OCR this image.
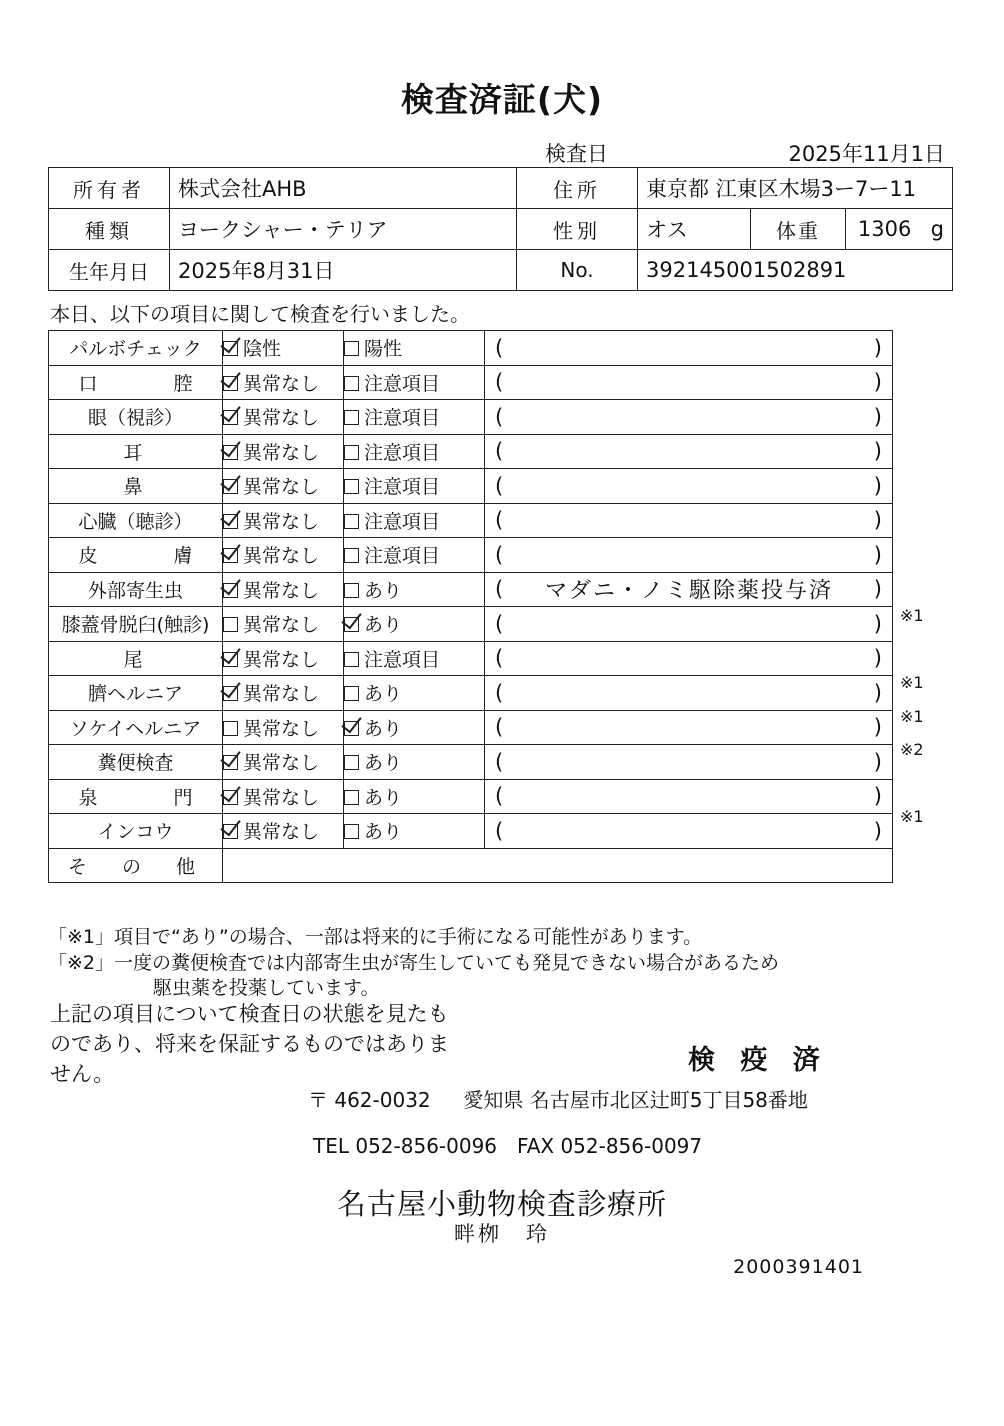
検査済証(犬)
検査日	2025年11月1日
所有者	株式会社AHB	住所	東京都 江東区木場3ー7ー11		
種類	ヨークシャー・テリア	性別	オス	体重	1306 g
生年月日	2025年8月31日	No.	392145001502891		
本日、以下の項目に関して検査を行いました。
パルボチェック	陰性	陽性	( )

口　　　　腔	異常なし	注意項目	( )

眼（視診）	異常なし	注意項目	( )

耳	異常なし	注意項目	( )

鼻	異常なし	注意項目	( )

心臓（聴診）	異常なし	注意項目	( )

皮　　　　膚	異常なし	注意項目	( )

外部寄生虫	異常なし	あり	( マダニ・ノミ駆除薬投与済 )

膝蓋骨脱臼(触診)	異常なし	あり	( )

尾	異常なし	注意項目	( )

臍ヘルニア	異常なし	あり	( )

ソケイヘルニア	異常なし	あり	( )

糞便検査	異常なし	あり	( )

泉　　　　門	異常なし	あり	( )

インコウ	異常なし	あり	( )

そ　の　他			
「※1」項目で“あり”の場合、一部は将来的に手術になる可能性があります。
「※2」一度の糞便検査では内部寄生虫が寄生していても発見できない場合があるため
駆虫薬を投薬しています。
上記の項目について検査日の状態を見たものであり、将来を保証するものではありません。	検 疫 済
〒 462-0032 　 愛知県 名古屋市北区辻町5丁目58番地
TEL 052-856-0096　FAX 052-856-0097
名古屋小動物検査診療所
畔栁　玲
2000391401
※1
※1
※1
※2
※1
